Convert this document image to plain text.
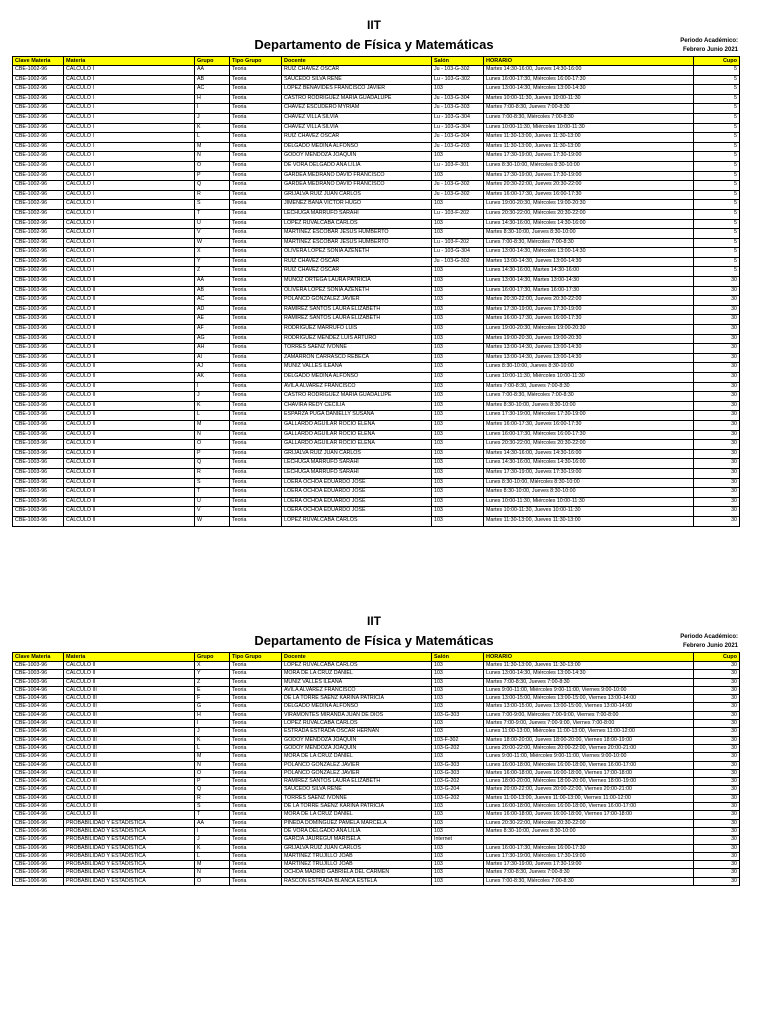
IIT
Departamento de Física y Matemáticas	Periodo Académico:
Febrero Junio 2021
Clave Materia	Materia	Grupo	Tipo Grupo	Docente	Salón	HORARIO	Cupo
CBE-1002-96	CALCULO I	AA	Teoria	RUIZ CHAVEZ OSCAR	Ju - 103-G-302	Martes 14:30-16:00, Jueves 14:30-16:00	5
CBE-1002-96	CALCULO I	AB	Teoria	SAUCEDO SILVA RENE	Lu - 103-G-302	Lunes 16:00-17:30, Miércoles 16:00-17:30	5
CBE-1002-96	CALCULO I	AC	Teoria	LOPEZ BENAVIDES FRANCISCO JAVIER	103	Lunes 13:00-14:30, Miércoles 13:00-14:30	5
CBE-1002-96	CALCULO I	H	Teoria	CASTRO RODRIGUEZ MARIA GUADALUPE	Ju - 103-G-304	Martes 10:00-11:30, Jueves 10:00-11:30	5
CBE-1002-96	CALCULO I	I	Teoria	CHAVEZ ESCUDERO MYRIAM	Ju - 103-G-303	Martes 7:00-8:30, Jueves 7:00-8:30	5
CBE-1002-96	CALCULO I	J	Teoria	CHAVEZ VILLA SILVIA	Lu - 103-G-304	Lunes 7:00-8:30, Miércoles 7:00-8:30	5
CBE-1002-96	CALCULO I	K	Teoria	CHAVEZ VILLA SILVIA	Lu - 103-G-304	Lunes 10:00-11:30, Miércoles 10:00-11:30	5
CBE-1002-96	CALCULO I	L	Teoria	RUIZ CHAVEZ OSCAR	Ju - 103-G-304	Martes 11:30-13:00, Jueves 11:30-13:00	5
CBE-1002-96	CALCULO I	M	Teoria	DELGADO MEDINA ALFONSO	Ju - 103-G-203	Martes 11:30-13:00, Jueves 11:30-13:00	5
CBE-1002-96	CALCULO I	N	Teoria	GODOY MENDOZA JOAQUIN	103	Martes 17:30-19:00, Jueves 17:30-19:00	5
CBE-1002-96	CALCULO I	O	Teoria	DE VORA DELGADO ANA LILIA	Lu - 103-F-301	Lunes 8:30-10:00, Miércoles 8:30-10:00	5
CBE-1002-96	CALCULO I	P	Teoria	GARDEA MEDRANO DAVID FRANCISCO	103	Martes 17:30-19:00, Jueves 17:30-19:00	5
CBE-1002-96	CALCULO I	Q	Teoria	GARDEA MEDRANO DAVID FRANCISCO	Ju - 103-G-302	Martes 20:30-22:00, Jueves 20:30-22:00	5
CBE-1002-96	CALCULO I	R	Teoria	GRIJALVA RUIZ JUAN CARLOS	Ju - 103-G-302	Martes 16:00-17:30, Jueves 16:00-17:30	5
CBE-1002-96	CALCULO I	S	Teoria	JIMENEZ BAÑA VICTOR HUGO	103	Lunes 19:00-20:30, Miércoles 19:00-20:30	5
CBE-1002-96	CALCULO I	T	Teoria	LECHUGA MARRUFO SARAHI	Lu - 103-F-202	Lunes 20:30-22:00, Miércoles 20:30-22:00	5
CBE-1002-96	CALCULO I	U	Teoria	LOPEZ RUVALCABA CARLOS	103	Lunes 14:30-16:00, Miércoles 14:30-16:00	5
CBE-1002-96	CALCULO I	V	Teoria	MARTINEZ ESCOBAR JESUS HUMBERTO	103	Martes 8:30-10:00, Jueves 8:30-10:00	5
CBE-1002-96	CALCULO I	W	Teoria	MARTINEZ ESCOBAR JESUS HUMBERTO	Lu - 103-F-202	Lunes 7:00-8:30, Miércoles 7:00-8:30	5
CBE-1002-96	CALCULO I	X	Teoria	OLIVERA LOPEZ SONIA AZENETH	Lu - 103-G-304	Lunes 13:00-14:30, Miércoles 13:00-14:30	5
CBE-1002-96	CALCULO I	Y	Teoria	RUIZ CHAVEZ OSCAR	Ju - 103-G-302	Martes 13:00-14:30, Jueves 13:00-14:30	5
CBE-1002-96	CALCULO I	Z	Teoria	RUIZ CHAVEZ OSCAR	103	Lunes 14:30-16:00, Martes 14:30-16:00	5
CBE-1003-96	CALCULO II	AA	Teoria	MUÑOZ ORTEGA LAURA PATRICIA	103	Lunes 13:00-14:30, Martes 13:00-14:30	30
CBE-1003-96	CALCULO II	AB	Teoria	OLIVERA LOPEZ SONIA AZENETH	103	Lunes 16:00-17:30, Martes 16:00-17:30	30
CBE-1003-96	CALCULO II	AC	Teoria	POLANCO GONZALEZ JAVIER	103	Martes 20:30-22:00, Jueves 20:30-22:00	30
CBE-1003-96	CALCULO II	AD	Teoria	RAMIREZ SANTOS LAURA ELIZABETH	103	Martes 17:30-19:00, Jueves 17:30-19:00	30
CBE-1003-96	CALCULO II	AE	Teoria	RAMIREZ SANTOS LAURA ELIZABETH	103	Martes 16:00-17:30, Jueves 16:00-17:30	30
CBE-1003-96	CALCULO II	AF	Teoria	RODRIGUEZ MARRUFO LUIS	103	Lunes 19:00-20:30, Miércoles 19:00-20:30	30
CBE-1003-96	CALCULO II	AG	Teoria	RODRIGUEZ MENDEZ LUIS ARTURO	103	Martes 19:00-20:30, Jueves 19:00-20:30	30
CBE-1003-96	CALCULO II	AH	Teoria	TORRES SAENZ IVONNE	103	Martes 13:00-14:30, Jueves 13:00-14:30	30
CBE-1003-96	CALCULO II	AI	Teoria	ZAMARRON CARRASCO REBECA	103	Martes 13:00-14:30, Jueves 13:00-14:30	30
CBE-1003-96	CALCULO II	AJ	Teoria	MUÑIZ VALLES ILEANA	103	Lunes 8:30-10:00, Jueves 8:30-10:00	30
CBE-1003-96	CALCULO II	AK	Teoria	DELGADO MEDINA ALFONSO	103	Lunes 10:00-11:30, Miércoles 10:00-11:30	30
CBE-1003-96	CALCULO II	I	Teoria	AVILA ALVAREZ FRANCISCO	103	Martes 7:00-8:30, Jueves 7:00-8:30	30
CBE-1003-96	CALCULO II	J	Teoria	CASTRO RODRIGUEZ MARIA GUADALUPE	103	Lunes 7:00-8:30, Miércoles 7:00-8:30	30
CBE-1003-96	CALCULO II	K	Teoria	CHAVIRA REDY CECILIA	103	Martes 8:30-10:00, Jueves 8:30-10:00	30
CBE-1003-96	CALCULO II	L	Teoria	ESPARZA PUGA DANIELLY SUSANA	103	Lunes 17:30-19:00, Miércoles 17:30-19:00	30
CBE-1003-96	CALCULO II	M	Teoria	GALLARDO AGUILAR ROCIO ELENA	103	Martes 16:00-17:30, Jueves 16:00-17:30	30
CBE-1003-96	CALCULO II	N	Teoria	GALLARDO AGUILAR ROCIO ELENA	103	Lunes 16:00-17:30, Miércoles 16:00-17:30	30
CBE-1003-96	CALCULO II	O	Teoria	GALLARDO AGUILAR ROCIO ELENA	103	Lunes 20:30-22:00, Miércoles 20:30-22:00	30
CBE-1003-96	CALCULO II	P	Teoria	GRIJALVA RUIZ JUAN CARLOS	103	Martes 14:30-16:00, Jueves 14:30-16:00	30
CBE-1003-96	CALCULO II	Q	Teoria	LECHUGA MARRUFO SARAHI	103	Lunes 14:30-16:00, Miércoles 14:30-16:00	30
CBE-1003-96	CALCULO II	R	Teoria	LECHUGA MARRUFO SARAHI	103	Martes 17:30-19:00, Jueves 17:30-19:00	30
CBE-1003-96	CALCULO II	S	Teoria	LOERA OCHOA EDUARDO JOSE	103	Lunes 8:30-10:00, Miércoles 8:30-10:00	30
CBE-1003-96	CALCULO II	T	Teoria	LOERA OCHOA EDUARDO JOSE	103	Martes 8:30-10:00, Jueves 8:30-10:00	30
CBE-1003-96	CALCULO II	U	Teoria	LOERA OCHOA EDUARDO JOSE	103	Lunes 10:00-11:30, Miércoles 10:00-11:30	30
CBE-1003-96	CALCULO II	V	Teoria	LOERA OCHOA EDUARDO JOSE	103	Martes 10:00-11:30, Jueves 10:00-11:30	30
CBE-1003-96	CALCULO II	W	Teoria	LOPEZ RUVALCABA CARLOS	103	Martes 11:30-13:00, Jueves 11:30-13:00	30
IIT
Departamento de Física y Matemáticas	Periodo Académico:
Febrero Junio 2021
Clave Materia	Materia	Grupo	Tipo Grupo	Docente	Salón	HORARIO	Cupo
CBE-1003-96	CALCULO II	X	Teoria	LOPEZ RUVALCABA CARLOS	103	Martes 11:30-13:00, Jueves 11:30-13:00	30
CBE-1003-96	CALCULO II	Y	Teoria	MORA DE LA CRUZ DANIEL	103	Lunes 13:00-14:30, Miércoles 13:00-14:30	30
CBE-1003-96	CALCULO II	Z	Teoria	MUÑIZ VALLES ILEANA	103	Martes 7:00-8:30, Jueves 7:00-8:30	30
CBE-1004-96	CALCULO III	E	Teoria	AVILA ALVAREZ FRANCISCO	103	Lunes 9:00-11:00, Miércoles 9:00-11:00, Viernes 9:00-10:00	30
CBE-1004-96	CALCULO III	F	Teoria	DE LA TORRE SAENZ KARINA PATRICIA	103	Lunes 13:00-15:00, Miércoles 13:00-15:00, Viernes 13:00-14:00	30
CBE-1004-96	CALCULO III	G	Teoria	DELGADO MEDINA ALFONSO	103	Martes 13:00-15:00, Jueves 13:00-15:00, Viernes 13:00-14:00	30
CBE-1004-96	CALCULO III	H	Teoria	VIRAMONTES MIRANDA JUAN DE DIOS	103-G-303	Lunes 7:00-9:00, Miércoles 7:00-9:00, Viernes 7:00-8:00	30
CBE-1004-96	CALCULO III	I	Teoria	LOPEZ RUVALCABA CARLOS	103	Martes 7:00-9:00, Jueves 7:00-9:00, Viernes 7:00-8:00	30
CBE-1004-96	CALCULO III	J	Teoria	ESTRADA ESTRADA OSCAR HERNAN	103	Lunes 11:00-13:00, Miércoles 11:00-13:00, Viernes 11:00-12:00	30
CBE-1004-96	CALCULO III	K	Teoria	GODOY MENDOZA JOAQUIN	103-F-302	Martes 18:00-20:00, Jueves 18:00-20:00, Viernes 18:00-19:00	30
CBE-1004-96	CALCULO III	L	Teoria	GODOY MENDOZA JOAQUIN	103-G-202	Lunes 20:00-22:00, Miércoles 20:00-22:00, Viernes 20:00-21:00	30
CBE-1004-96	CALCULO III	M	Teoria	MORA DE LA CRUZ DANIEL	103	Lunes 9:00-11:00, Miércoles 9:00-11:00, Viernes 9:00-10:00	30
CBE-1004-96	CALCULO III	N	Teoria	POLANCO GONZALEZ JAVIER	103-G-303	Lunes 16:00-18:00, Miércoles 16:00-18:00, Viernes 16:00-17:00	30
CBE-1004-96	CALCULO III	O	Teoria	POLANCO GONZALEZ JAVIER	103-G-303	Martes 16:00-18:00, Jueves 16:00-18:00, Viernes 17:00-18:00	30
CBE-1004-96	CALCULO III	P	Teoria	RAMIREZ SANTOS LAURA ELIZABETH	103-G-202	Lunes 18:00-20:00, Miércoles 18:00-20:00, Viernes 18:00-19:00	30
CBE-1004-96	CALCULO III	Q	Teoria	SAUCEDO SILVA RENE	103-G-204	Martes 20:00-22:00, Jueves 20:00-22:00, Viernes 20:00-21:00	30
CBE-1004-96	CALCULO III	R	Teoria	TORRES SAENZ IVONNE	103-G-202	Martes 11:00-13:00, Jueves 11:00-13:00, Viernes 11:00-12:00	30
CBE-1004-96	CALCULO III	S	Teoria	DE LA TORRE SAENZ KARINA PATRICIA	103	Lunes 16:00-18:00, Miércoles 16:00-18:00, Viernes 16:00-17:00	30
CBE-1004-96	CALCULO III	T	Teoria	MORA DE LA CRUZ DANIEL	103	Martes 16:00-18:00, Jueves 16:00-18:00, Viernes 17:00-18:00	30
CBE-1006-96	PROBABILIDAD Y ESTADISTICA	AA	Teoria	PINEDA DOMINGUEZ PAMELA MARCELA	103	Lunes 20:30-22:00, Miércoles 20:30-22:00	30
CBE-1006-96	PROBABILIDAD Y ESTADISTICA	I	Teoria	DE VORA DELGADO ANA LILIA	103	Martes 8:30-10:00, Jueves 8:30-10:00	30
CBE-1006-96	PROBABILIDAD Y ESTADISTICA	J	Teoria	GARCIA JAUREGUI MARISELA	Internet		30
CBE-1006-96	PROBABILIDAD Y ESTADISTICA	K	Teoria	GRIJALVA RUIZ JUAN CARLOS	103	Lunes 16:00-17:30, Miércoles 16:00-17:30	30
CBE-1006-96	PROBABILIDAD Y ESTADISTICA	L	Teoria	MARTINEZ TRUJILLO JOAB	103	Lunes 17:30-19:00, Miércoles 17:30-19:00	30
CBE-1006-96	PROBABILIDAD Y ESTADISTICA	M	Teoria	MARTINEZ TRUJILLO JOAB	103	Martes 17:30-19:00, Jueves 17:30-19:00	30
CBE-1006-96	PROBABILIDAD Y ESTADISTICA	N	Teoria	OCHOA MADRID GABRIELA DEL CARMEN	103	Martes 7:00-8:30, Jueves 7:00-8:30	30
CBE-1006-96	PROBABILIDAD Y ESTADISTICA	O	Teoria	RASCON ESTRADA BLANCA ESTELA	103	Lunes 7:00-8:30, Miércoles 7:00-8:30	30
